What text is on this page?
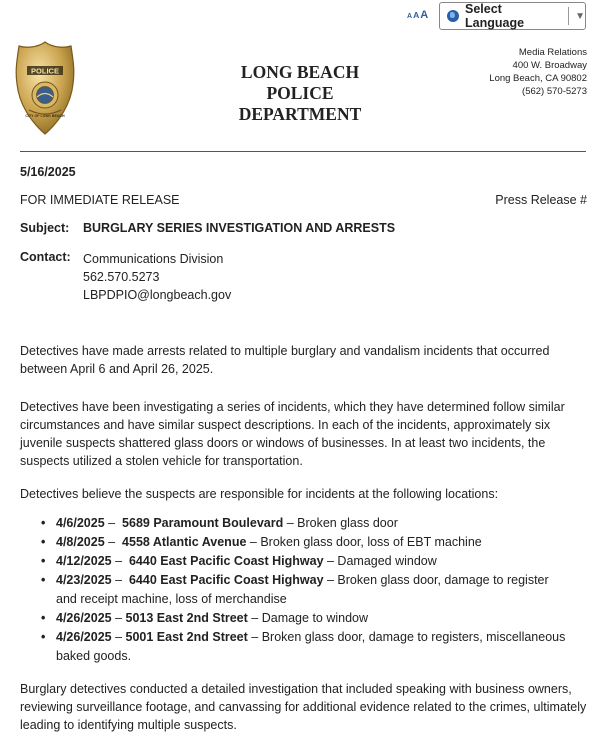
AAA	Select Language	▼
POLICE
CITY OF LONG BEACH
LONG BEACH
POLICE
DEPARTMENT
Media Relations
400 W. Broadway
Long Beach, CA 90802
(562) 570-5273
5/16/2025
FOR IMMEDIATE RELEASE	Press Release #
Subject: BURGLARY SERIES INVESTIGATION AND ARRESTS
Contact: Communications Division
562.570.5273
LBPDPIO@longbeach.gov
Detectives have made arrests related to multiple burglary and vandalism incidents that occurred between April 6 and April 26, 2025.
Detectives have been investigating a series of incidents, which they have determined follow similar circumstances and have similar suspect descriptions. In each of the incidents, approximately six juvenile suspects shattered glass doors or windows of businesses. In at least two incidents, the suspects utilized a stolen vehicle for transportation.
Detectives believe the suspects are responsible for incidents at the following locations:
• 4/6/2025 –  5689 Paramount Boulevard – Broken glass door
• 4/8/2025 –  4558 Atlantic Avenue – Broken glass door, loss of EBT machine
• 4/12/2025 –  6440 East Pacific Coast Highway – Damaged window
• 4/23/2025 –  6440 East Pacific Coast Highway – Broken glass door, damage to register and receipt machine, loss of merchandise
• 4/26/2025 – 5013 East 2nd Street – Damage to window
• 4/26/2025 – 5001 East 2nd Street – Broken glass door, damage to registers, miscellaneous baked goods.
Burglary detectives conducted a detailed investigation that included speaking with business owners, reviewing surveillance footage, and canvassing for additional evidence related to the crimes, ultimately leading to identifying multiple suspects.
